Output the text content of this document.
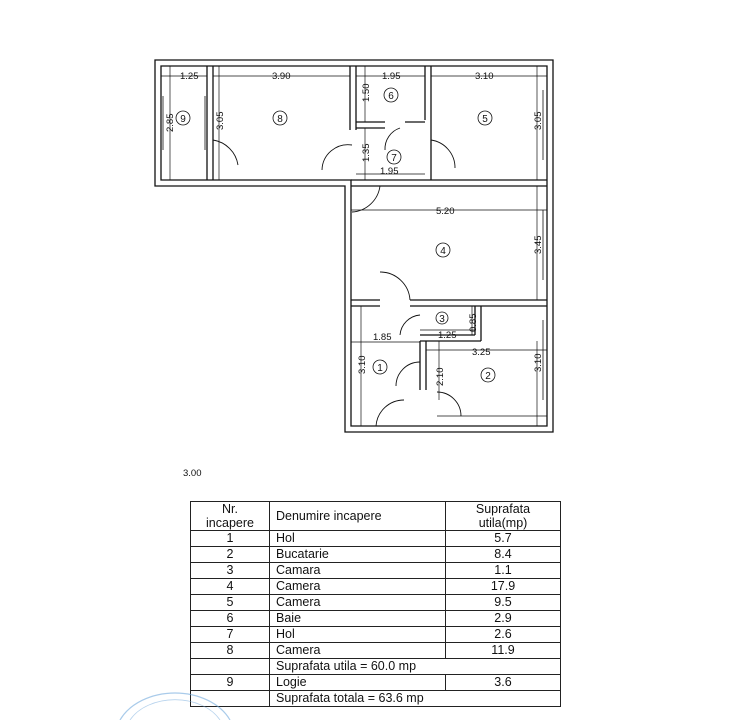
1.25	3.90	1.95	3.10
3.00
2.85	3.05
1.50
3.05
1.35
1.95
5.20
3.45
0.85
1.85	1.25
3.25
3.10
2.10
3.10
1
2
3
4
5
6
7
8
9
Nr. incapere	Denumire incapere	Suprafata utila(mp)
1	Hol	5.7
2	Bucatarie	8.4
3	Camara	1.1
4	Camera	17.9
5	Camera	9.5
6	Baie	2.9
7	Hol	2.6
8	Camera	11.9
	Suprafata utila = 60.0 mp	
9	Logie	3.6
	Suprafata totala = 63.6 mp	
